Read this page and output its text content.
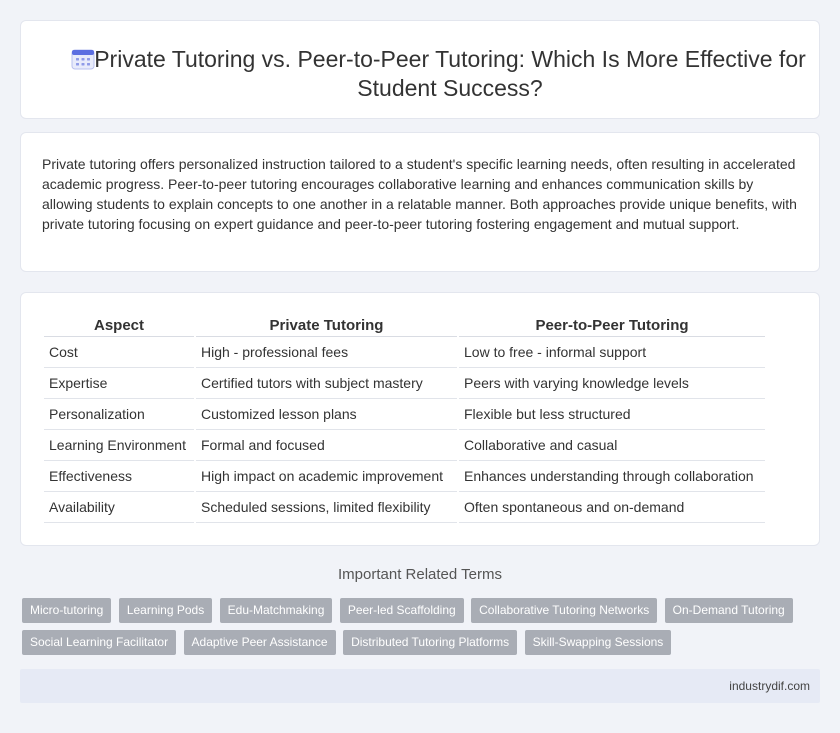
Private Tutoring vs. Peer-to-Peer Tutoring: Which Is More Effective for Student Success?

Private tutoring offers personalized instruction tailored to a student's specific learning needs, often resulting in accelerated academic progress. Peer-to-peer tutoring encourages collaborative learning and enhances communication skills by allowing students to explain concepts to one another in a relatable manner. Both approaches provide unique benefits, with private tutoring focusing on expert guidance and peer-to-peer tutoring fostering engagement and mutual support.

Aspect	Private Tutoring	Peer-to-Peer Tutoring
Cost	High - professional fees	Low to free - informal support
Expertise	Certified tutors with subject mastery	Peers with varying knowledge levels
Personalization	Customized lesson plans	Flexible but less structured
Learning Environment	Formal and focused	Collaborative and casual
Effectiveness	High impact on academic improvement	Enhances understanding through collaboration
Availability	Scheduled sessions, limited flexibility	Often spontaneous and on-demand
Important Related Terms
Micro-tutoring Learning Pods Edu-Matchmaking Peer-led Scaffolding Collaborative Tutoring Networks On-Demand Tutoring Social Learning Facilitator Adaptive Peer Assistance Distributed Tutoring Platforms Skill-Swapping Sessions
industrydif.com
